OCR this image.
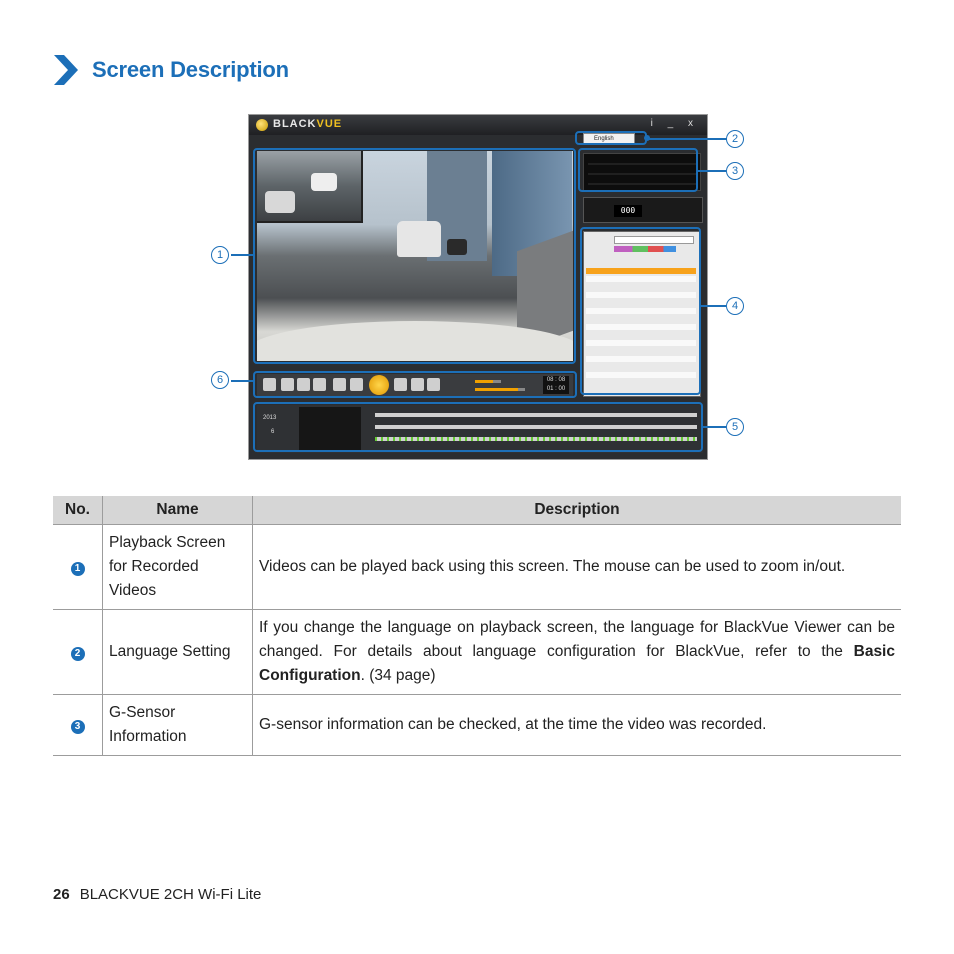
Screen Description
BLACKVUE	i _ x
08 : 08
01 : 00
English
000
2013
6
1
2
3
4
5
6
No.	Name	Description
1	Playback Screen for Recorded Videos	Videos can be played back using this screen. The mouse can be used to zoom in/out.
2	Language Setting	If you change the language on playback screen, the language for BlackVue Viewer can be changed. For details about language configuration for BlackVue, refer to the Basic Configuration. (34 page)
3	G-Sensor Information	G-sensor information can be checked, at the time the video was recorded.
26 BLACKVUE 2CH Wi-Fi Lite
